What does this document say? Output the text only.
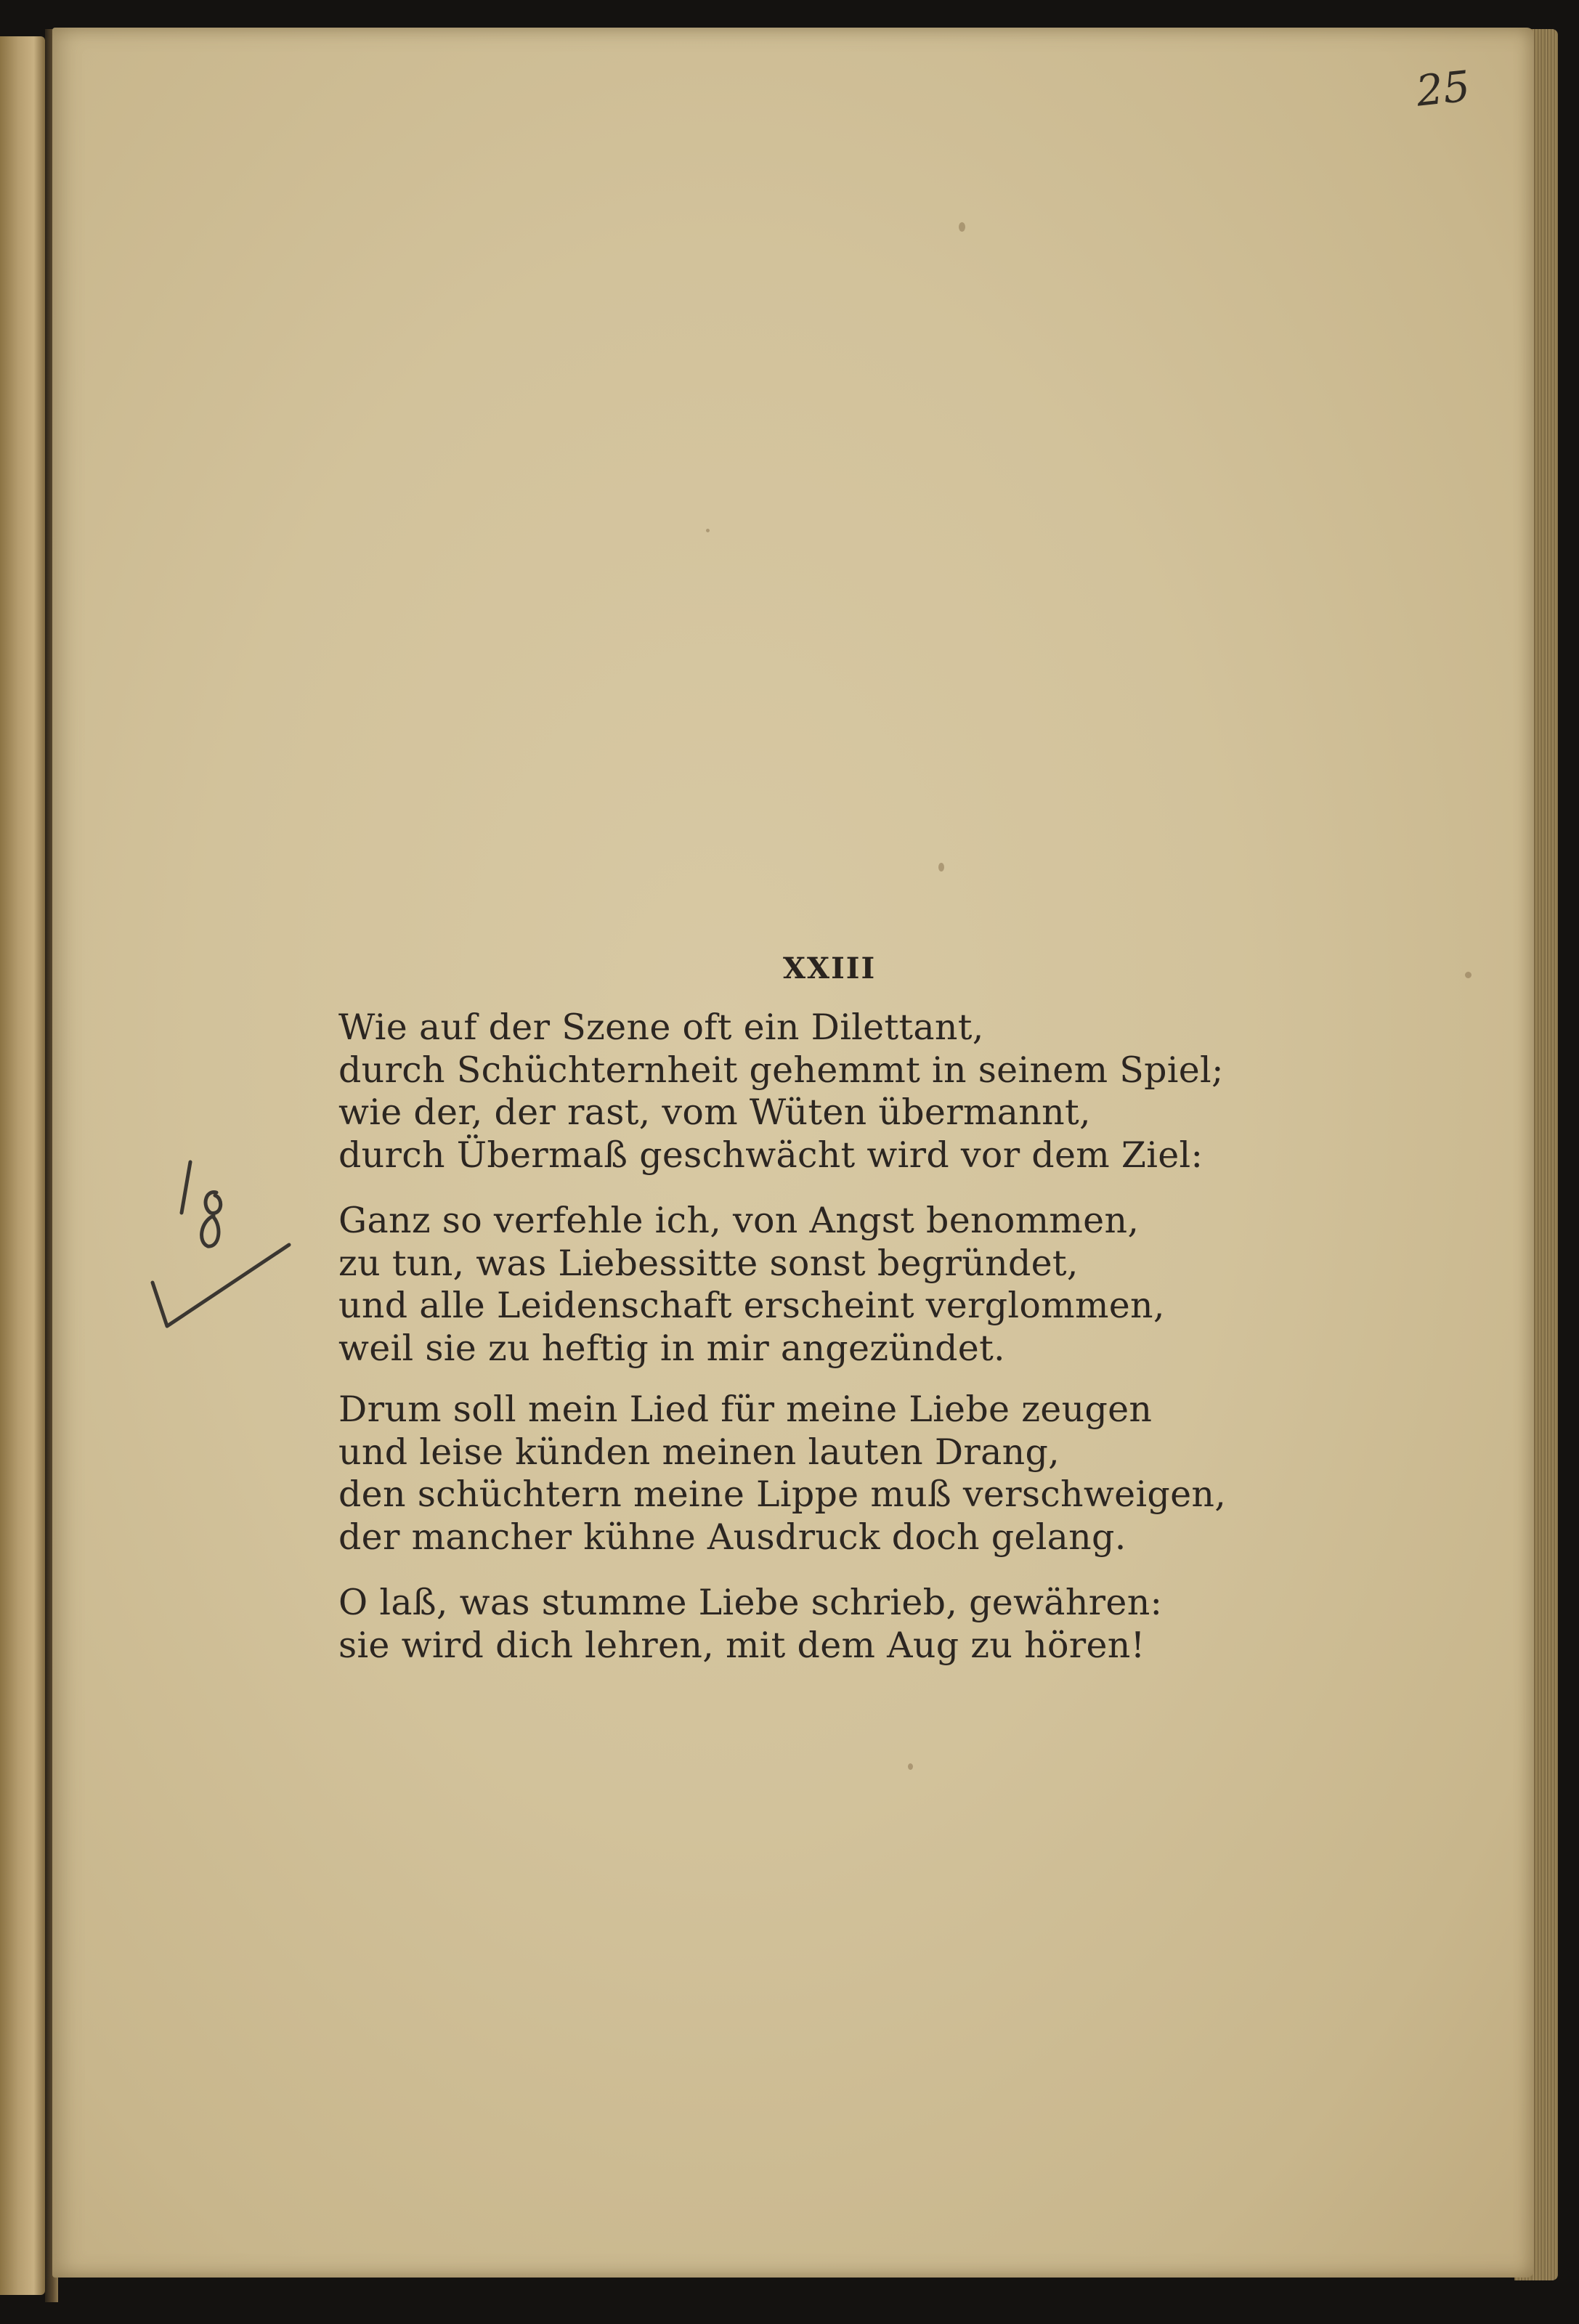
25
XXIII
Wie auf der Szene oft ein Dilettant,
durch Schüchternheit gehemmt in seinem Spiel;
wie der, der rast, vom Wüten übermannt,
durch Übermaß geschwächt wird vor dem Ziel:
Ganz so verfehle ich, von Angst benommen,
zu tun, was Liebessitte sonst begründet,
und alle Leidenschaft erscheint verglommen,
weil sie zu heftig in mir angezündet.
Drum soll mein Lied für meine Liebe zeugen
und leise künden meinen lauten Drang,
den schüchtern meine Lippe muß verschweigen,
der mancher kühne Ausdruck doch gelang.
O laß, was stumme Liebe schrieb, gewähren:
sie wird dich lehren, mit dem Aug zu hören!
